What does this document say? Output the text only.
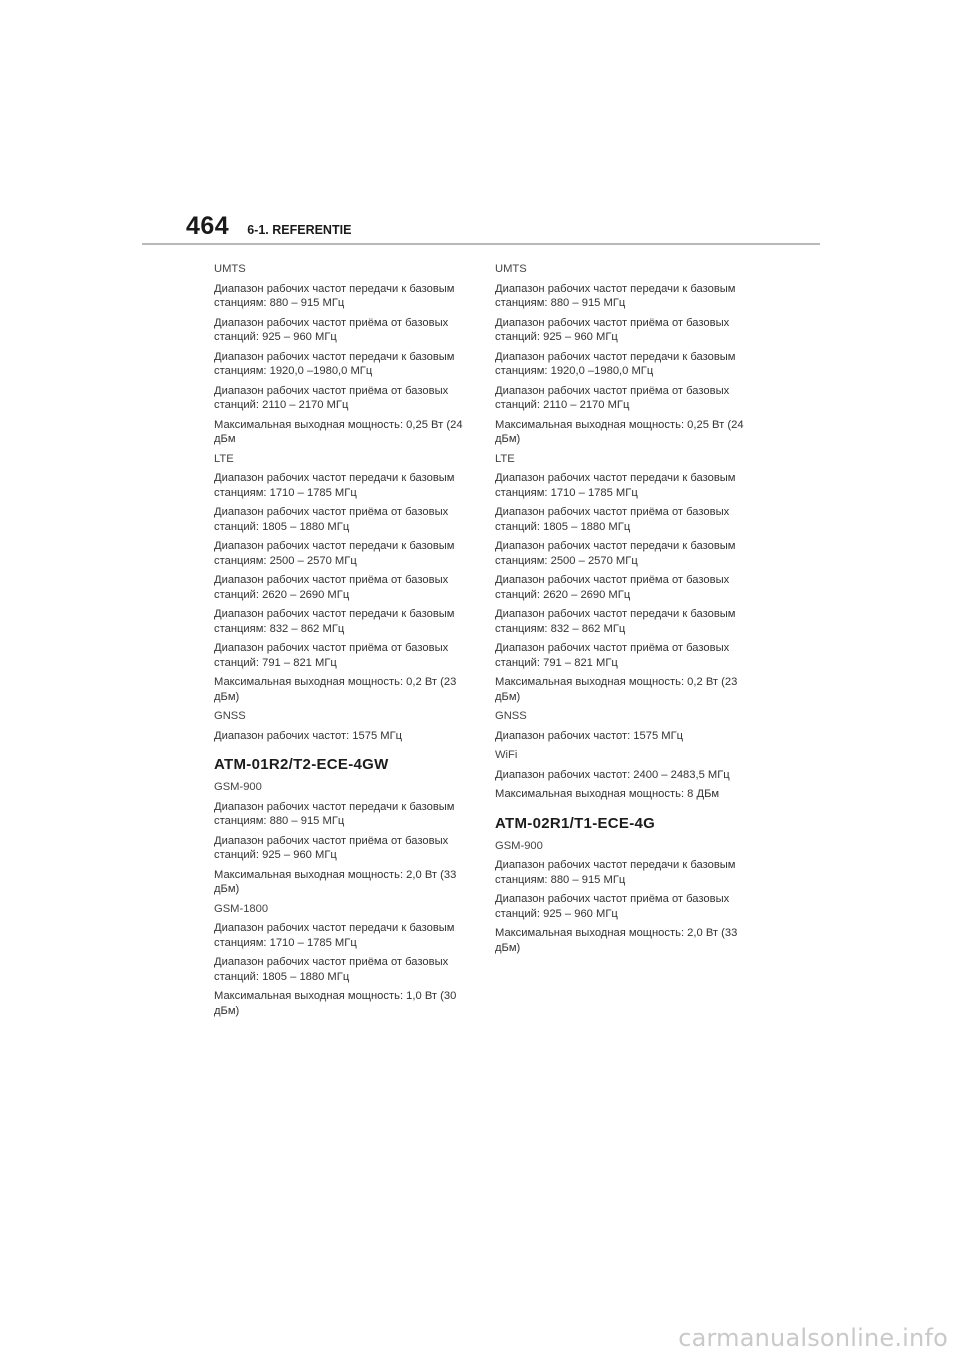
464 6-1. REFERENTIE
UMTS
Диапазон рабочих частот передачи к базовым станциям: 880 – 915 МГц
Диапазон рабочих частот приёма от базовых станций: 925 – 960 МГц
Диапазон рабочих частот передачи к базовым станциям: 1920,0 –1980,0 МГц
Диапазон рабочих частот приёма от базовых станций: 2110 – 2170 МГц
Максимальная выходная мощность: 0,25 Вт (24 дБм
LTE
Диапазон рабочих частот передачи к базовым станциям: 1710 – 1785 МГц
Диапазон рабочих частот приёма от базовых станций: 1805 – 1880 МГц
Диапазон рабочих частот передачи к базовым станциям: 2500 – 2570 МГц
Диапазон рабочих частот приёма от базовых станций: 2620 – 2690 МГц
Диапазон рабочих частот передачи к базовым станциям: 832 – 862 МГц
Диапазон рабочих частот приёма от базовых станций: 791 – 821 МГц
Максимальная выходная мощность: 0,2 Вт (23 дБм)
GNSS
Диапазон рабочих частот: 1575 МГц
ATM-01R2/T2-ECE-4GW
GSM-900
Диапазон рабочих частот передачи к базовым станциям: 880 – 915 МГц
Диапазон рабочих частот приёма от базовых станций: 925 – 960 МГц
Максимальная выходная мощность: 2,0 Вт (33 дБм)
GSM-1800
Диапазон рабочих частот передачи к базовым станциям: 1710 – 1785 МГц
Диапазон рабочих частот приёма от базовых станций: 1805 – 1880 МГц
Максимальная выходная мощность: 1,0 Вт (30 дБм)
UMTS
Диапазон рабочих частот передачи к базовым станциям: 880 – 915 МГц
Диапазон рабочих частот приёма от базовых станций: 925 – 960 МГц
Диапазон рабочих частот передачи к базовым станциям: 1920,0 –1980,0 МГц
Диапазон рабочих частот приёма от базовых станций: 2110 – 2170 МГц
Максимальная выходная мощность: 0,25 Вт (24 дБм)
LTE
Диапазон рабочих частот передачи к базовым станциям: 1710 – 1785 МГц
Диапазон рабочих частот приёма от базовых станций: 1805 – 1880 МГц
Диапазон рабочих частот передачи к базовым станциям: 2500 – 2570 МГц
Диапазон рабочих частот приёма от базовых станций: 2620 – 2690 МГц
Диапазон рабочих частот передачи к базовым станциям: 832 – 862 МГц
Диапазон рабочих частот приёма от базовых станций: 791 – 821 МГц
Максимальная выходная мощность: 0,2 Вт (23 дБм)
GNSS
Диапазон рабочих частот: 1575 МГц
WiFi
Диапазон рабочих частот: 2400 – 2483,5 МГц
Максимальная выходная мощность: 8 ДБм
ATM-02R1/T1-ECE-4G
GSM-900
Диапазон рабочих частот передачи к базовым станциям: 880 – 915 МГц
Диапазон рабочих частот приёма от базовых станций: 925 – 960 МГц
Максимальная выходная мощность: 2,0 Вт (33 дБм)
carmanualsonline.info
